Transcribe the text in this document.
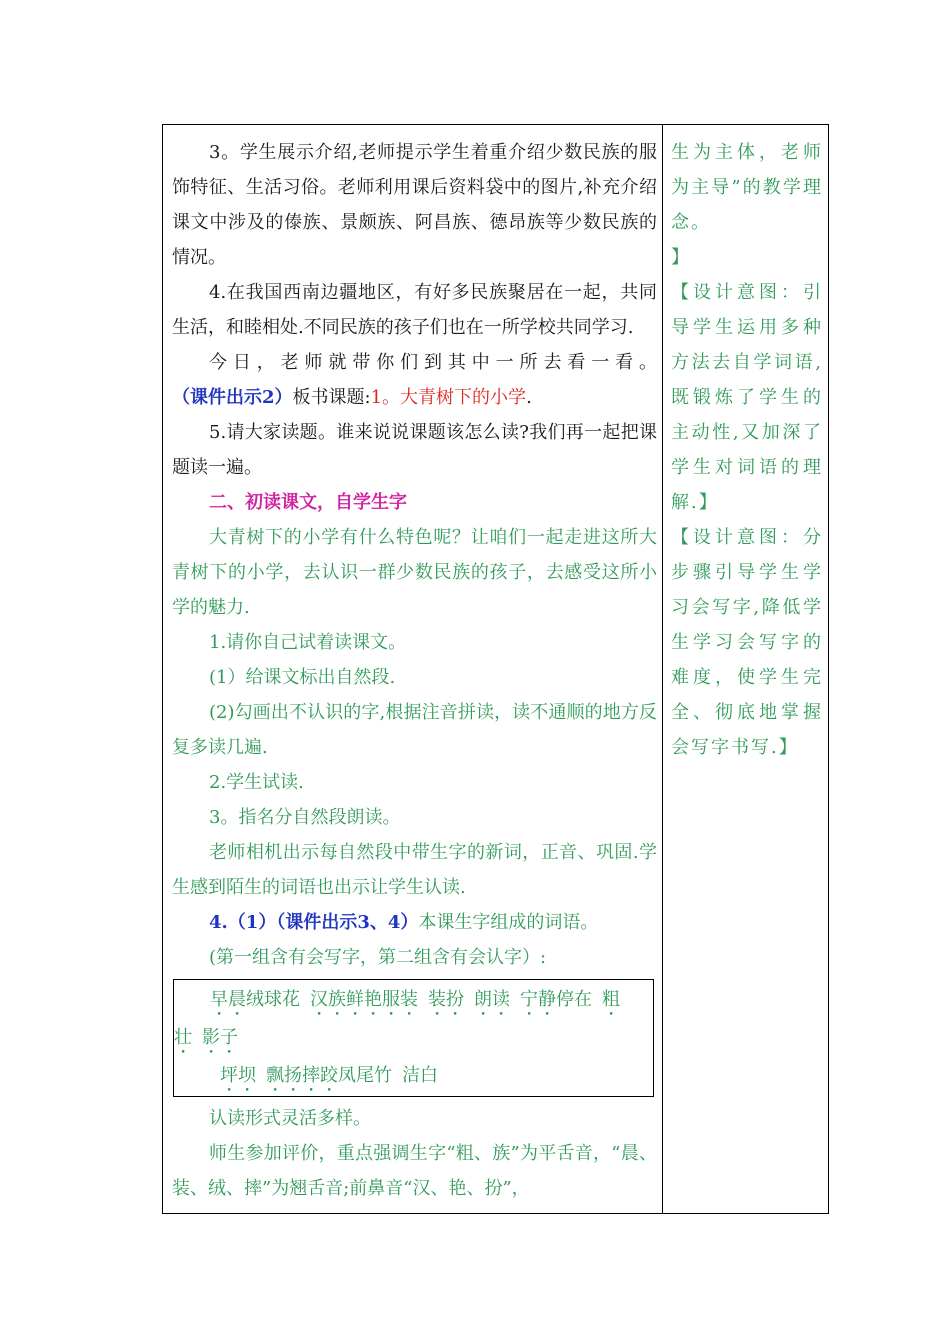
3。学生展示介绍,老师提示学生着重介绍少数民族的服饰特征、生活习俗。老师利用课后资料袋中的图片,补充介绍课文中涉及的傣族、景颇族、阿昌族、德昂族等少数民族的情况。

4.在我国西南边疆地区，有好多民族聚居在一起，共同生活，和睦相处.不同民族的孩子们也在一所学校共同学习.

今日，老师就带你们到其中一所去看一看。（课件出示2）板书课题:1。大青树下的小学.

5.请大家读题。谁来说说课题该怎么读?我们再一起把课题读一遍。

二、初读课文，自学生字

大青树下的小学有什么特色呢？让咱们一起走进这所大青树下的小学，去认识一群少数民族的孩子，去感受这所小学的魅力.

1.请你自己试着读课文。

(1）给课文标出自然段.

(2)勾画出不认识的字,根据注音拼读，读不通顺的地方反复多读几遍.

2.学生试读.

3。指名分自然段朗读。

老师相机出示每自然段中带生字的新词，正音、巩固.学生感到陌生的词语也出示让学生认读.

4.（1）（课件出示3、4）本课生字组成的词语。

(第一组含有会写字，第二组含有会认字）:

早晨绒球花 汉族鲜艳服装 装扮 朗读 宁静停在 粗

壮 影子

坪坝 飘扬摔跤凤尾竹 洁白

认读形式灵活多样。

师生参加评价，重点强调生字“粗、族”为平舌音，“晨、装、绒、摔”为翘舌音;前鼻音“汉、艳、扮”，

生为主体，老师为主导”的教学理念。

】

【设计意图：引导学生运用多种方法去自学词语,既锻炼了学生的主动性,又加深了学生对词语的理解.】

【设计意图：分步骤引导学生学习会写字,降低学生学习会写字的难度，使学生完全、彻底地掌握会写字书写.】
